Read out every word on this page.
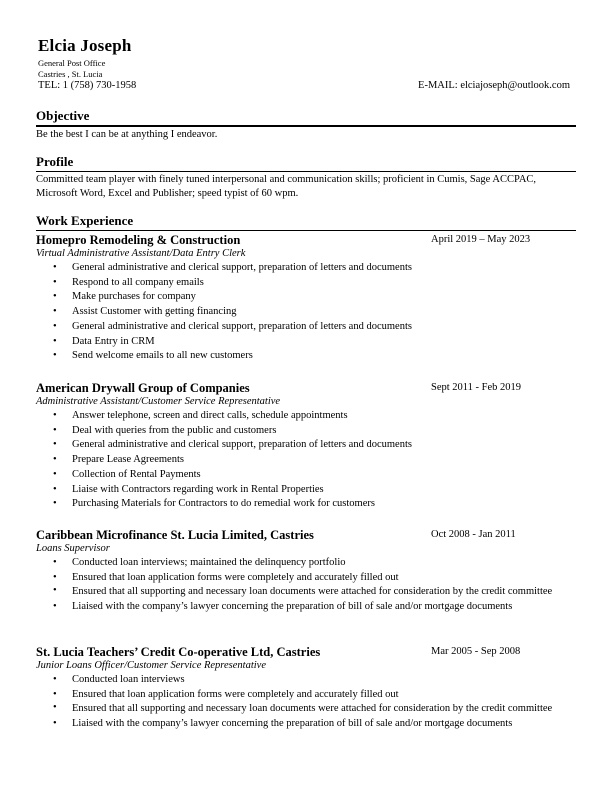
Elcia Joseph
General Post Office
Castries , St. Lucia
TEL: 1 (758) 730-1958	E-MAIL: elciajoseph@outlook.com
Objective
Be the best I can be at anything I endeavor.
Profile
Committed team player with finely tuned interpersonal and communication skills; proficient in Cumis, Sage ACCPAC, Microsoft Word, Excel and Publisher; speed typist of 60 wpm.
Work Experience
Homepro Remodeling & Construction	April 2019 – May 2023
Virtual Administrative Assistant/Data Entry Clerk
• General administrative and clerical support, preparation of letters and documents
• Respond to all company emails
• Make purchases for company
• Assist Customer with getting financing
• General administrative and clerical support, preparation of letters and documents
• Data Entry in CRM
• Send welcome emails to all new customers
American Drywall Group of Companies	Sept 2011 - Feb 2019
Administrative Assistant/Customer Service Representative
• Answer telephone, screen and direct calls, schedule appointments
• Deal with queries from the public and customers
• General administrative and clerical support, preparation of letters and documents
• Prepare Lease Agreements
• Collection of Rental Payments
• Liaise with Contractors regarding work in Rental Properties
• Purchasing Materials for Contractors to do remedial work for customers
Caribbean Microfinance St. Lucia Limited, Castries	Oct 2008 - Jan 2011
Loans Supervisor
• Conducted loan interviews; maintained the delinquency portfolio
• Ensured that loan application forms were completely and accurately filled out
• Ensured that all supporting and necessary loan documents were attached for consideration by the credit committee
• Liaised with the company’s lawyer concerning the preparation of bill of sale and/or mortgage documents
St. Lucia Teachers’ Credit Co-operative Ltd, Castries	Mar 2005 - Sep 2008
Junior Loans Officer/Customer Service Representative
• Conducted loan interviews
• Ensured that loan application forms were completely and accurately filled out
• Ensured that all supporting and necessary loan documents were attached for consideration by the credit committee
• Liaised with the company’s lawyer concerning the preparation of bill of sale and/or mortgage documents
